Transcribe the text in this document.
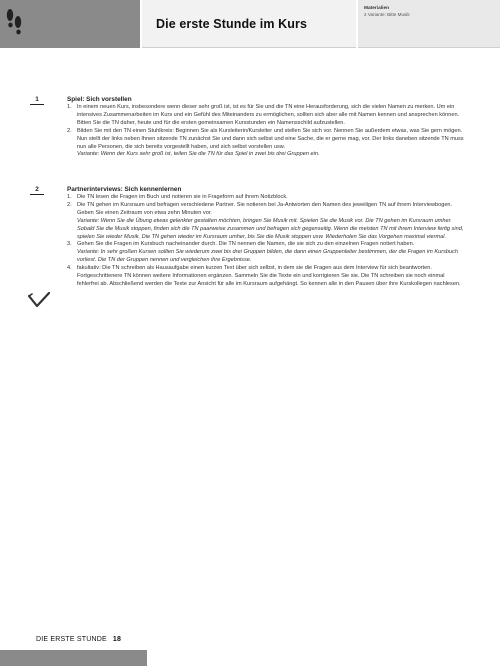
Die erste Stunde im Kurs
Materialien
2 Variante: Bitte Musik
1	Spiel: Sich vorstellen
1. In einem neuen Kurs, insbesondere wenn dieser sehr groß ist, ist es für Sie und die TN eine Herausforderung, sich die vielen Namen zu merken. Um ein intensives Zusammenarbeiten im Kurs und ein Gefühl des Miteinanders zu ermöglichen, sollten sich aber alle mit Namen kennen und ansprechen können. Bitten Sie die TN daher, heute und für die ersten gemeinsamen Kursstunden ein Namensschild aufzustellen.
2. Bilden Sie mit den TN einen Stuhlkreis: Beginnen Sie als Kursleiterin/Kursleiter und stellen Sie sich vor. Nennen Sie außerdem etwas, was Sie gern mögen. Nun stellt der links neben Ihnen sitzende TN zunächst Sie und dann sich selbst und eine Sache, die er gerne mag, vor. Der links daneben sitzende TN muss nun alle Personen, die sich bereits vorgestellt haben, und sich selbst vorstellen usw.
Variante: Wenn der Kurs sehr groß ist, teilen Sie die TN für das Spiel in zwei bis drei Gruppen ein.
2	Partnerinterviews: Sich kennenlernen
1. Die TN lesen die Fragen im Buch und notieren sie in Frageform auf ihrem Notizblock.
2. Die TN gehen im Kursraum und befragen verschiedene Partner. Sie notieren bei Ja-Antworten den Namen des jeweiligen TN auf ihrem Interviewbogen. Geben Sie einen Zeitraum von etwa zehn Minuten vor.
Variante: Wenn Sie die Übung etwas gelenkter gestalten möchten, bringen Sie Musik mit. Spielen Sie die Musik vor. Die TN gehen im Kursraum umher. Sobald Sie die Musik stoppen, finden sich die TN paarweise zusammen und befragen sich gegenseitig. Wenn die meisten TN mit ihrem Interview fertig sind, spielen Sie wieder Musik. Die TN gehen wieder im Kursraum umher, bis Sie die Musik stoppen usw. Wiederholen Sie das Vorgehen maximal viermal.
3. Gehen Sie die Fragen im Kursbuch nacheinander durch. Die TN nennen die Namen, die sie sich zu den einzelnen Fragen notiert haben.
Variante: In sehr großen Kursen sollten Sie wiederum zwei bis drei Gruppen bilden, die dann einen Gruppenleiter bestimmen, der die Fragen im Kursbuch vorliest. Die TN der Gruppen nennen und vergleichen ihre Ergebnisse.
4. fakultativ: Die TN schreiben als Hausaufgabe einen kurzen Text über sich selbst, in dem sie die Fragen aus dem Interview für sich beantworten. Fortgeschrittenere TN können weitere Informationen ergänzen. Sammeln Sie die Texte ein und korrigieren Sie sie. Die TN schreiben sie noch einmal fehlerfrei ab. Abschließend werden die Texte zur Ansicht für alle im Kursraum aufgehängt. So kennen alle in den Pausen über ihre Kurskollegen nachlesen.
DIE ERSTE STUNDE 18
